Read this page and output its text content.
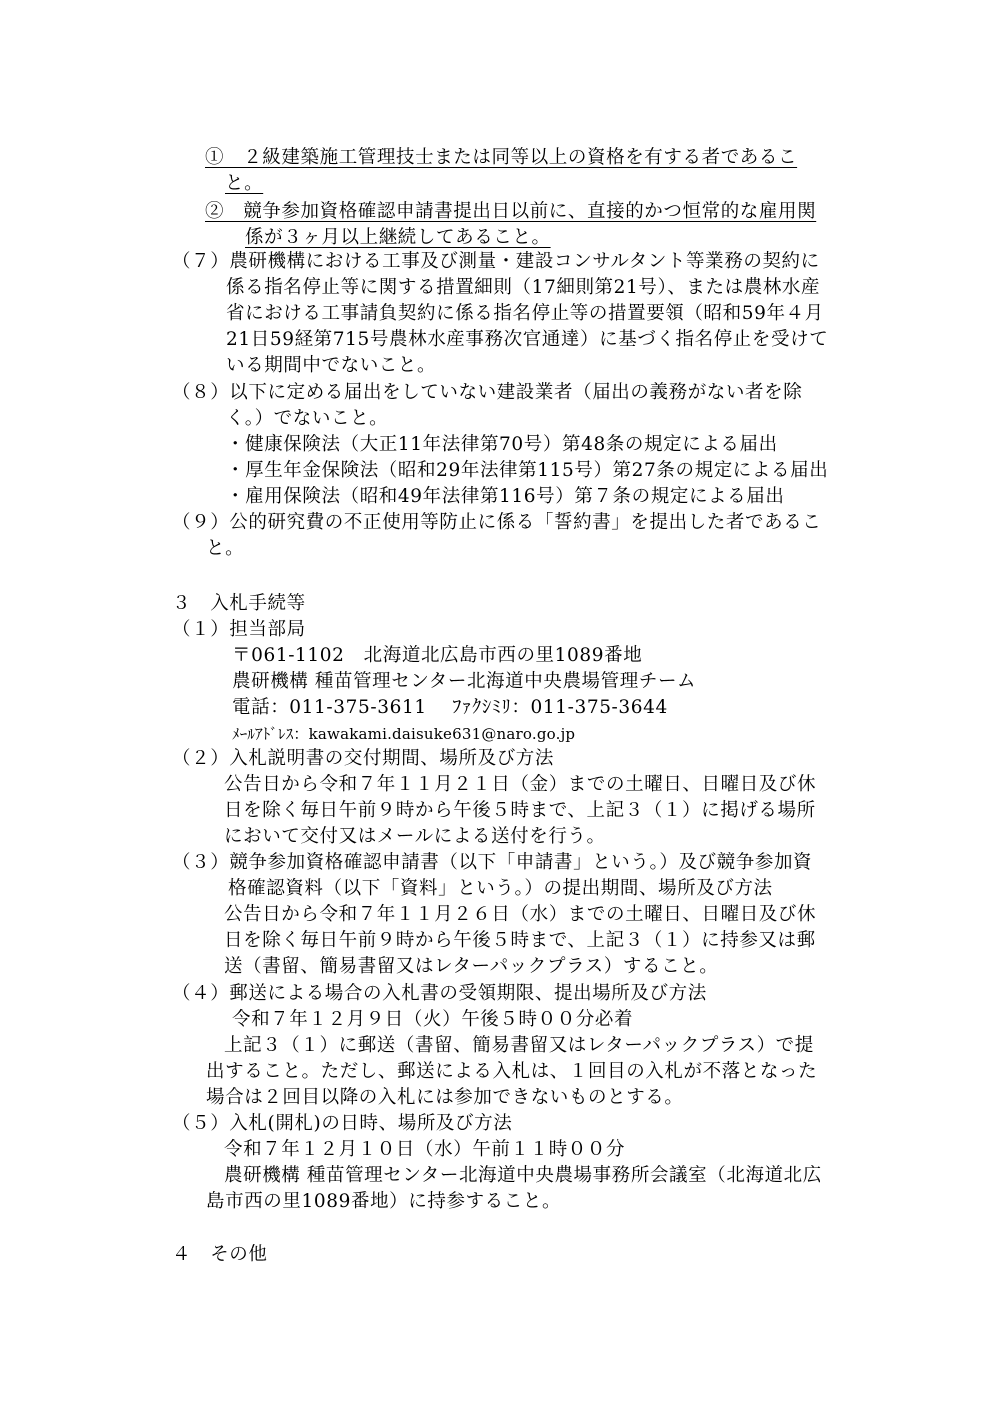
①　２級建築施工管理技士または同等以上の資格を有する者であるこ
と。
②　競争参加資格確認申請書提出日以前に、直接的かつ恒常的な雇用関
係が３ヶ月以上継続してあること。
（７）農研機構における工事及び測量・建設コンサルタント等業務の契約に
係る指名停止等に関する措置細則（17細則第21号）、または農林水産
省における工事請負契約に係る指名停止等の措置要領（昭和59年４月
21日59経第715号農林水産事務次官通達）に基づく指名停止を受けて
いる期間中でないこと。
（８）以下に定める届出をしていない建設業者（届出の義務がない者を除
く。）でないこと。
・健康保険法（大正11年法律第70号）第48条の規定による届出
・厚生年金保険法（昭和29年法律第115号）第27条の規定による届出
・雇用保険法（昭和49年法律第116号）第７条の規定による届出
（９）公的研究費の不正使用等防止に係る「誓約書」を提出した者であるこ
と。
３　入札手続等
（１）担当部局
〒061-1102　北海道北広島市西の里1089番地
農研機構 種苗管理センター北海道中央農場管理チーム
電話：011-375-3611　 ﾌｧｸｼﾐﾘ：011-375-3644
ﾒｰﾙｱﾄﾞﾚｽ：kawakami.daisuke631@naro.go.jp
（２）入札説明書の交付期間、場所及び方法
公告日から令和７年１１月２１日（金）までの土曜日、日曜日及び休
日を除く毎日午前９時から午後５時まで、上記３（１）に掲げる場所
において交付又はメールによる送付を行う。
（３）競争参加資格確認申請書（以下「申請書」という。）及び競争参加資
格確認資料（以下「資料」という。）の提出期間、場所及び方法
公告日から令和７年１１月２６日（水）までの土曜日、日曜日及び休
日を除く毎日午前９時から午後５時まで、上記３（１）に持参又は郵
送（書留、簡易書留又はレターパックプラス）すること。
（４）郵送による場合の入札書の受領期限、提出場所及び方法
令和７年１２月９日（火）午後５時００分必着
上記３（１）に郵送（書留、簡易書留又はレターパックプラス）で提
出すること。ただし、郵送による入札は、１回目の入札が不落となった
場合は２回目以降の入札には参加できないものとする。
（５）入札(開札)の日時、場所及び方法
令和７年１２月１０日（水）午前１１時００分
農研機構 種苗管理センター北海道中央農場事務所会議室（北海道北広
島市西の里1089番地）に持参すること。
４　その他
